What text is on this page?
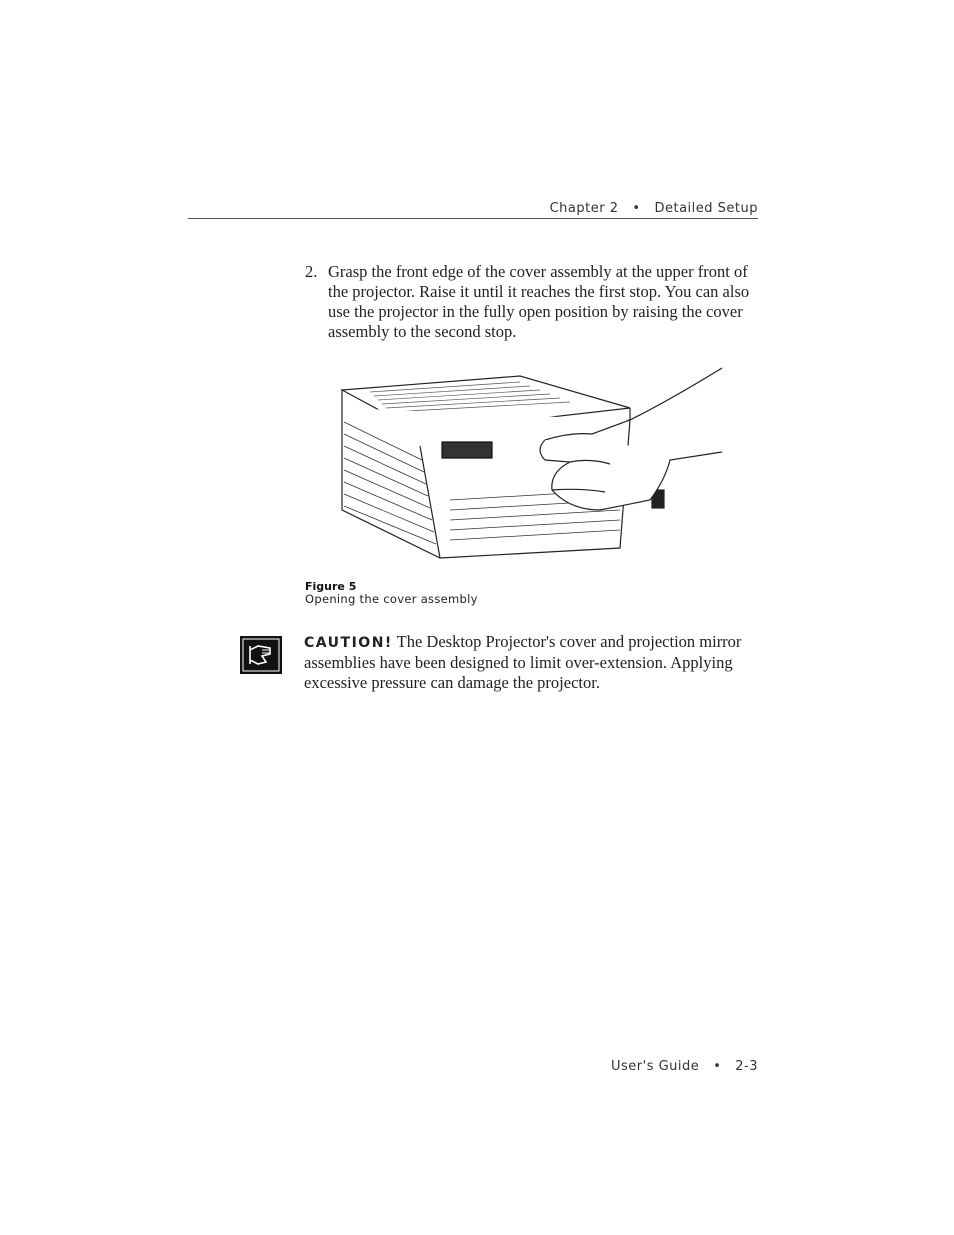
Chapter 2 • Detailed Setup
2. Grasp the front edge of the cover assembly at the upper front of the projector. Raise it until it reaches the first stop. You can also use the projector in the fully open position by raising the cover assembly to the second stop.
Figure 5
Opening the cover assembly
CAUTION! The Desktop Projector's cover and projection mirror assemblies have been designed to limit over-extension. Applying excessive pressure can damage the projector.
User's Guide • 2-3
